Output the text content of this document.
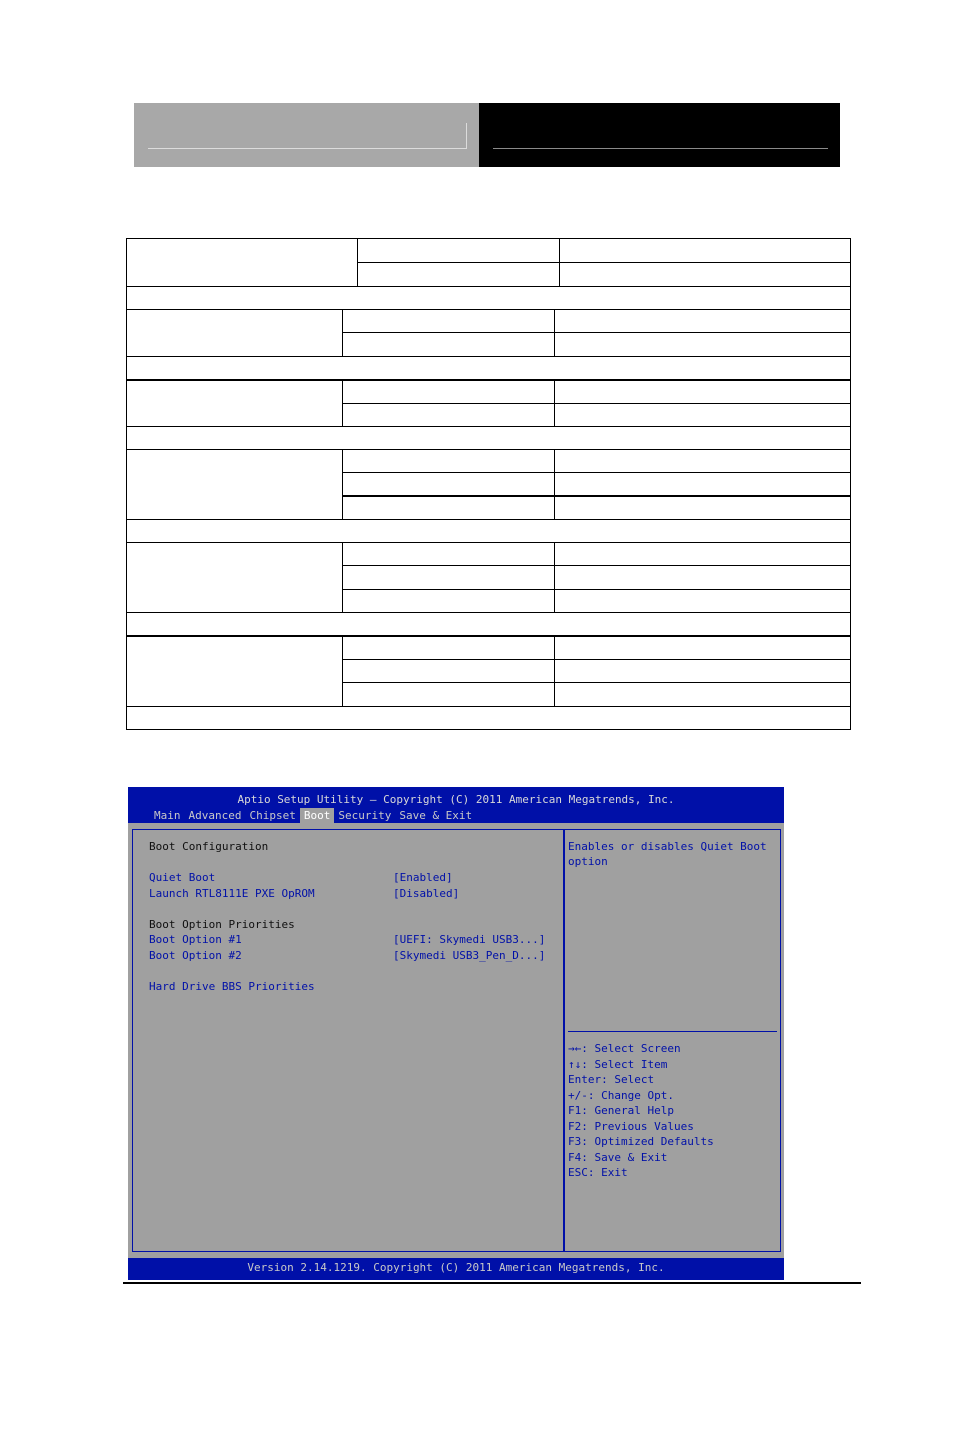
Aptio Setup Utility – Copyright (C) 2011 American Megatrends, Inc.
Main Advanced Chipset Boot Security Save & Exit
Boot Configuration
Quiet Boot	[Enabled]
Launch RTL8111E PXE OpROM	[Disabled]
Boot Option Priorities
Boot Option #1	[UEFI: Skymedi USB3...]
Boot Option #2	[Skymedi USB3_Pen_D...]
Hard Drive BBS Priorities
Enables or disables Quiet Boot
option
→←: Select Screen
↑↓: Select Item
Enter: Select
+/-: Change Opt.
F1: General Help
F2: Previous Values
F3: Optimized Defaults
F4: Save & Exit
ESC: Exit
Version 2.14.1219. Copyright (C) 2011 American Megatrends, Inc.
